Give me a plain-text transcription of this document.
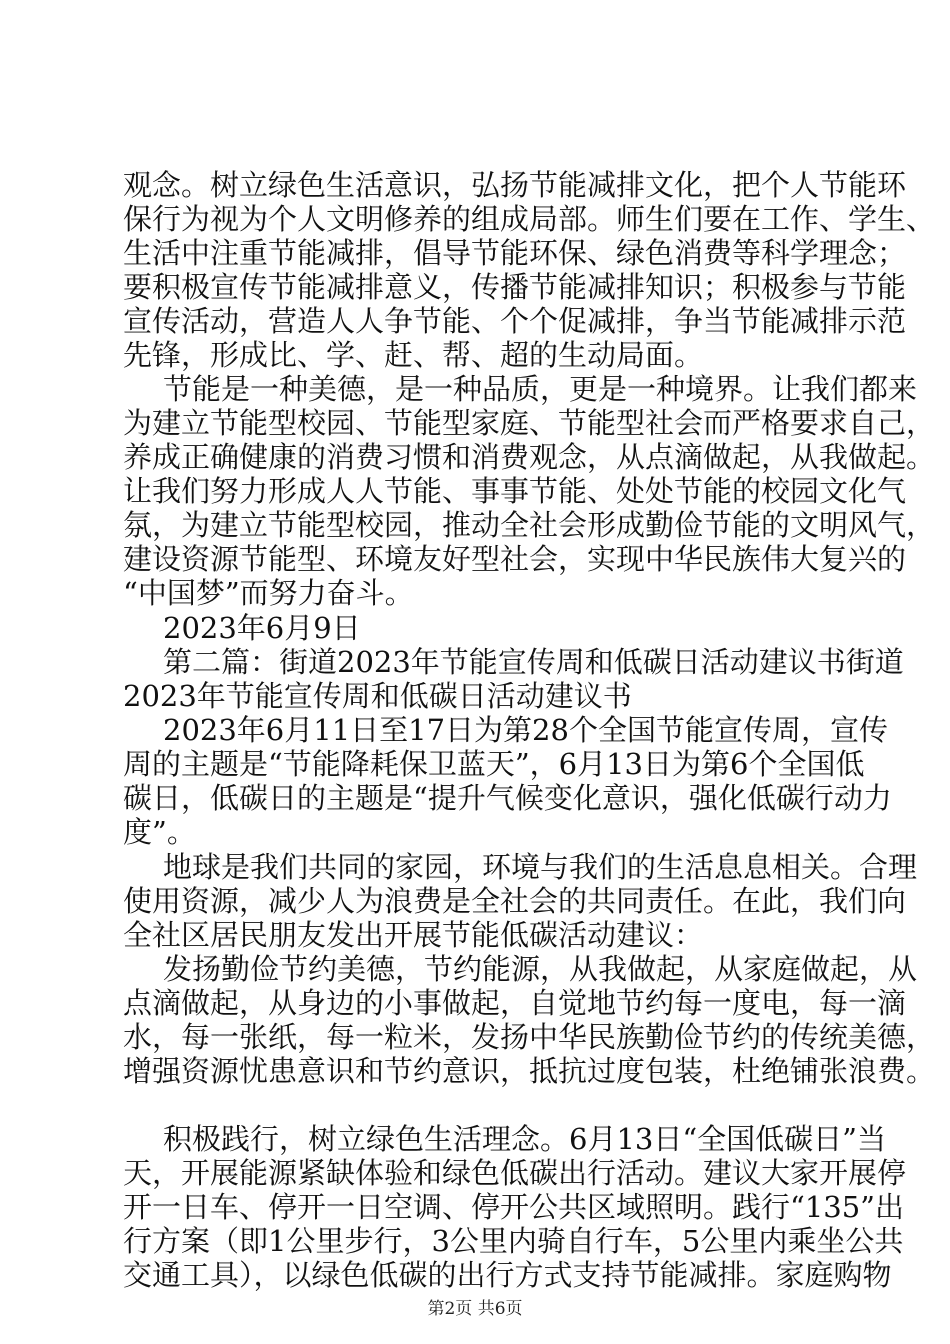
观念。树立绿色生活意识，弘扬节能减排文化，把个人节能环
保行为视为个人文明修养的组成局部。师生们要在工作、学生、
生活中注重节能减排，倡导节能环保、绿色消费等科学理念；
要积极宣传节能减排意义，传播节能减排知识；积极参与节能
宣传活动，营造人人争节能、个个促减排，争当节能减排示范
先锋，形成比、学、赶、帮、超的生动局面。
节能是一种美德，是一种品质，更是一种境界。让我们都来
为建立节能型校园、节能型家庭、节能型社会而严格要求自己，
养成正确健康的消费习惯和消费观念，从点滴做起，从我做起。
让我们努力形成人人节能、事事节能、处处节能的校园文化气
氛，为建立节能型校园，推动全社会形成勤俭节能的文明风气，
建设资源节能型、环境友好型社会，实现中华民族伟大复兴的
“中国梦”而努力奋斗。
2023年6月9日
第二篇：街道2023年节能宣传周和低碳日活动建议书街道
2023年节能宣传周和低碳日活动建议书
2023年6月11日至17日为第28个全国节能宣传周，宣传
周的主题是“节能降耗保卫蓝天”，6月13日为第6个全国低
碳日，低碳日的主题是“提升气候变化意识，强化低碳行动力
度”。
地球是我们共同的家园，环境与我们的生活息息相关。合理
使用资源，减少人为浪费是全社会的共同责任。在此，我们向
全社区居民朋友发出开展节能低碳活动建议：
发扬勤俭节约美德，节约能源，从我做起，从家庭做起，从
点滴做起，从身边的小事做起，自觉地节约每一度电，每一滴
水，每一张纸，每一粒米，发扬中华民族勤俭节约的传统美德，
增强资源忧患意识和节约意识，抵抗过度包装，杜绝铺张浪费。
积极践行，树立绿色生活理念。6月13日“全国低碳日”当
天，开展能源紧缺体验和绿色低碳出行活动。建议大家开展停
开一日车、停开一日空调、停开公共区域照明。践行“135”出
行方案（即1公里步行，3公里内骑自行车，5公里内乘坐公共
交通工具），以绿色低碳的出行方式支持节能减排。家庭购物
第2页 共6页
